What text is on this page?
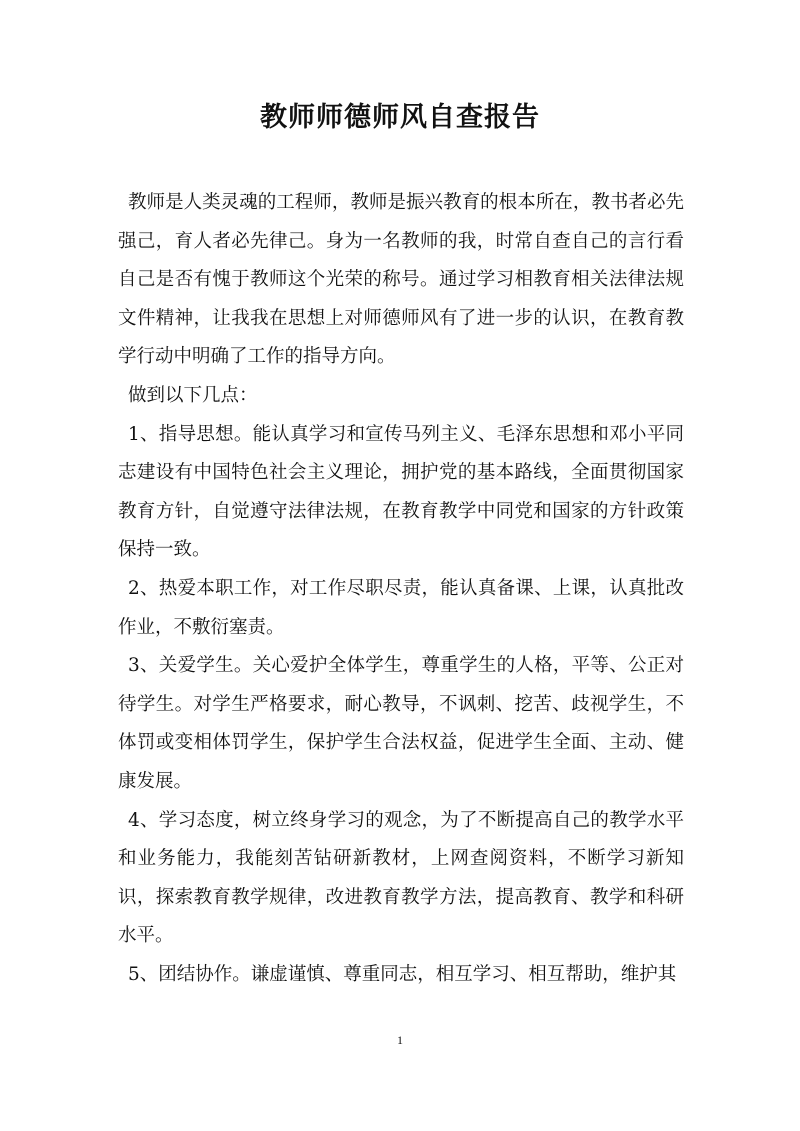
教师师德师风自查报告

教师是人类灵魂的工程师，教师是振兴教育的根本所在，教书者必先强己，育人者必先律己。身为一名教师的我，时常自查自己的言行看自己是否有愧于教师这个光荣的称号。通过学习相教育相关法律法规文件精神，让我我在思想上对师德师风有了进一步的认识，在教育教学行动中明确了工作的指导方向。

做到以下几点：

1、指导思想。能认真学习和宣传马列主义、毛泽东思想和邓小平同志建设有中国特色社会主义理论，拥护党的基本路线，全面贯彻国家教育方针，自觉遵守法律法规，在教育教学中同党和国家的方针政策保持一致。

2、热爱本职工作，对工作尽职尽责，能认真备课、上课，认真批改作业，不敷衍塞责。

3、关爱学生。关心爱护全体学生，尊重学生的人格，平等、公正对待学生。对学生严格要求，耐心教导，不讽刺、挖苦、歧视学生，不体罚或变相体罚学生，保护学生合法权益，促进学生全面、主动、健康发展。

4、学习态度，树立终身学习的观念，为了不断提高自己的教学水平和业务能力，我能刻苦钻研新教材，上网查阅资料，不断学习新知识，探索教育教学规律，改进教育教学方法，提高教育、教学和科研水平。

5、团结协作。谦虚谨慎、尊重同志，相互学习、相互帮助，维护其

1
